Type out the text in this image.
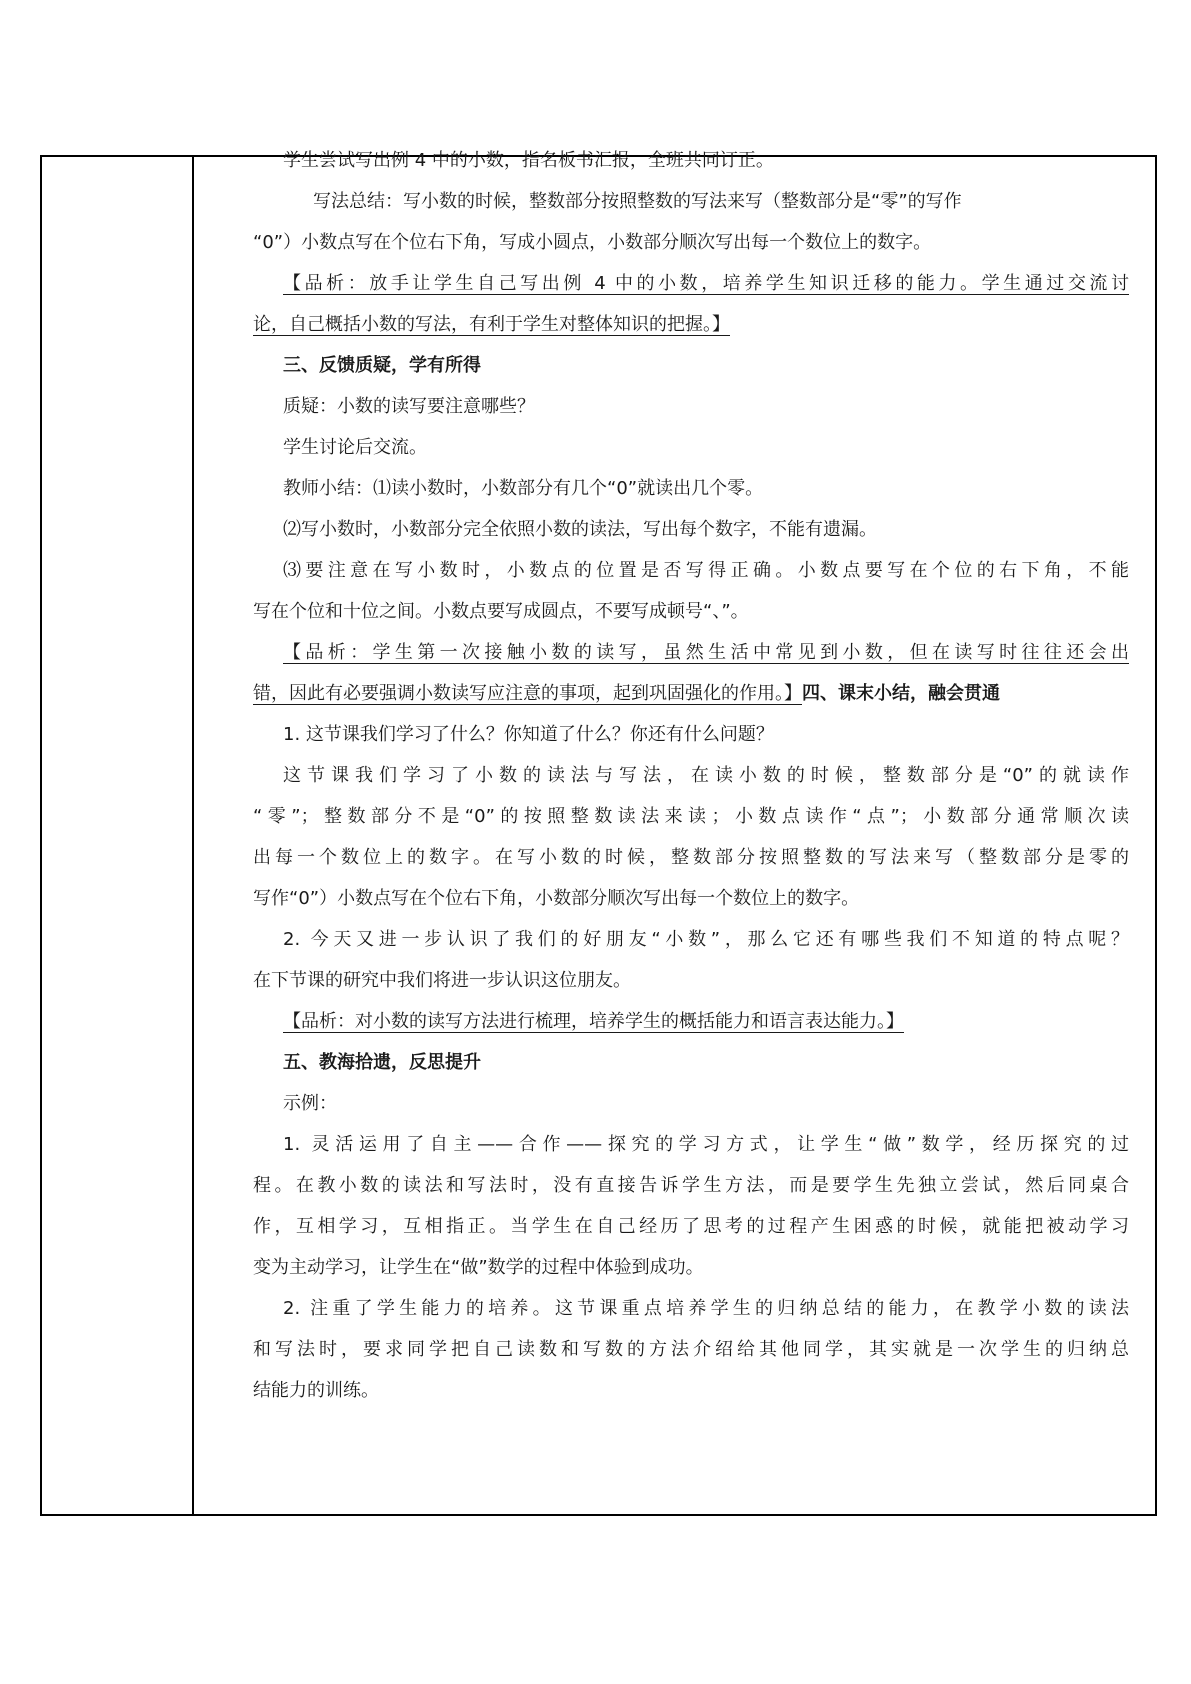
学生尝试写出例 4 中的小数，指名板书汇报，全班共同订正。
写法总结：写小数的时候，整数部分按照整数的写法来写（整数部分是“零”的写作
“0”）小数点写在个位右下角，写成小圆点，小数部分顺次写出每一个数位上的数字。
【品析：放手让学生自己写出例 4 中的小数，培养学生知识迁移的能力。学生通过交流讨
论，自己概括小数的写法，有利于学生对整体知识的把握。】
三、反馈质疑，学有所得
质疑：小数的读写要注意哪些？
学生讨论后交流。
教师小结：⑴读小数时，小数部分有几个“0”就读出几个零。
⑵写小数时，小数部分完全依照小数的读法，写出每个数字，不能有遗漏。
⑶要注意在写小数时，小数点的位置是否写得正确。小数点要写在个位的右下角，不能
写在个位和十位之间。小数点要写成圆点，不要写成顿号“、”。
【品析：学生第一次接触小数的读写，虽然生活中常见到小数，但在读写时往往还会出
错，因此有必要强调小数读写应注意的事项，起到巩固强化的作用。】四、课末小结，融会贯通
1. 这节课我们学习了什么？你知道了什么？你还有什么问题？
这节课我们学习了小数的读法与写法，在读小数的时候，整数部分是“0”的就读作
“零”；整数部分不是“0”的按照整数读法来读；小数点读作“点”；小数部分通常顺次读
出每一个数位上的数字。在写小数的时候，整数部分按照整数的写法来写（整数部分是零的
写作“0”）小数点写在个位右下角，小数部分顺次写出每一个数位上的数字。
2. 今天又进一步认识了我们的好朋友“小数”，那么它还有哪些我们不知道的特点呢？
在下节课的研究中我们将进一步认识这位朋友。
【品析：对小数的读写方法进行梳理，培养学生的概括能力和语言表达能力。】
五、教海拾遗，反思提升
示例：
1. 灵活运用了自主——合作——探究的学习方式，让学生“做”数学，经历探究的过
程。在教小数的读法和写法时，没有直接告诉学生方法，而是要学生先独立尝试，然后同桌合
作，互相学习，互相指正。当学生在自己经历了思考的过程产生困惑的时候，就能把被动学习
变为主动学习，让学生在“做”数学的过程中体验到成功。
2. 注重了学生能力的培养。这节课重点培养学生的归纳总结的能力，在教学小数的读法
和写法时，要求同学把自己读数和写数的方法介绍给其他同学，其实就是一次学生的归纳总
结能力的训练。
